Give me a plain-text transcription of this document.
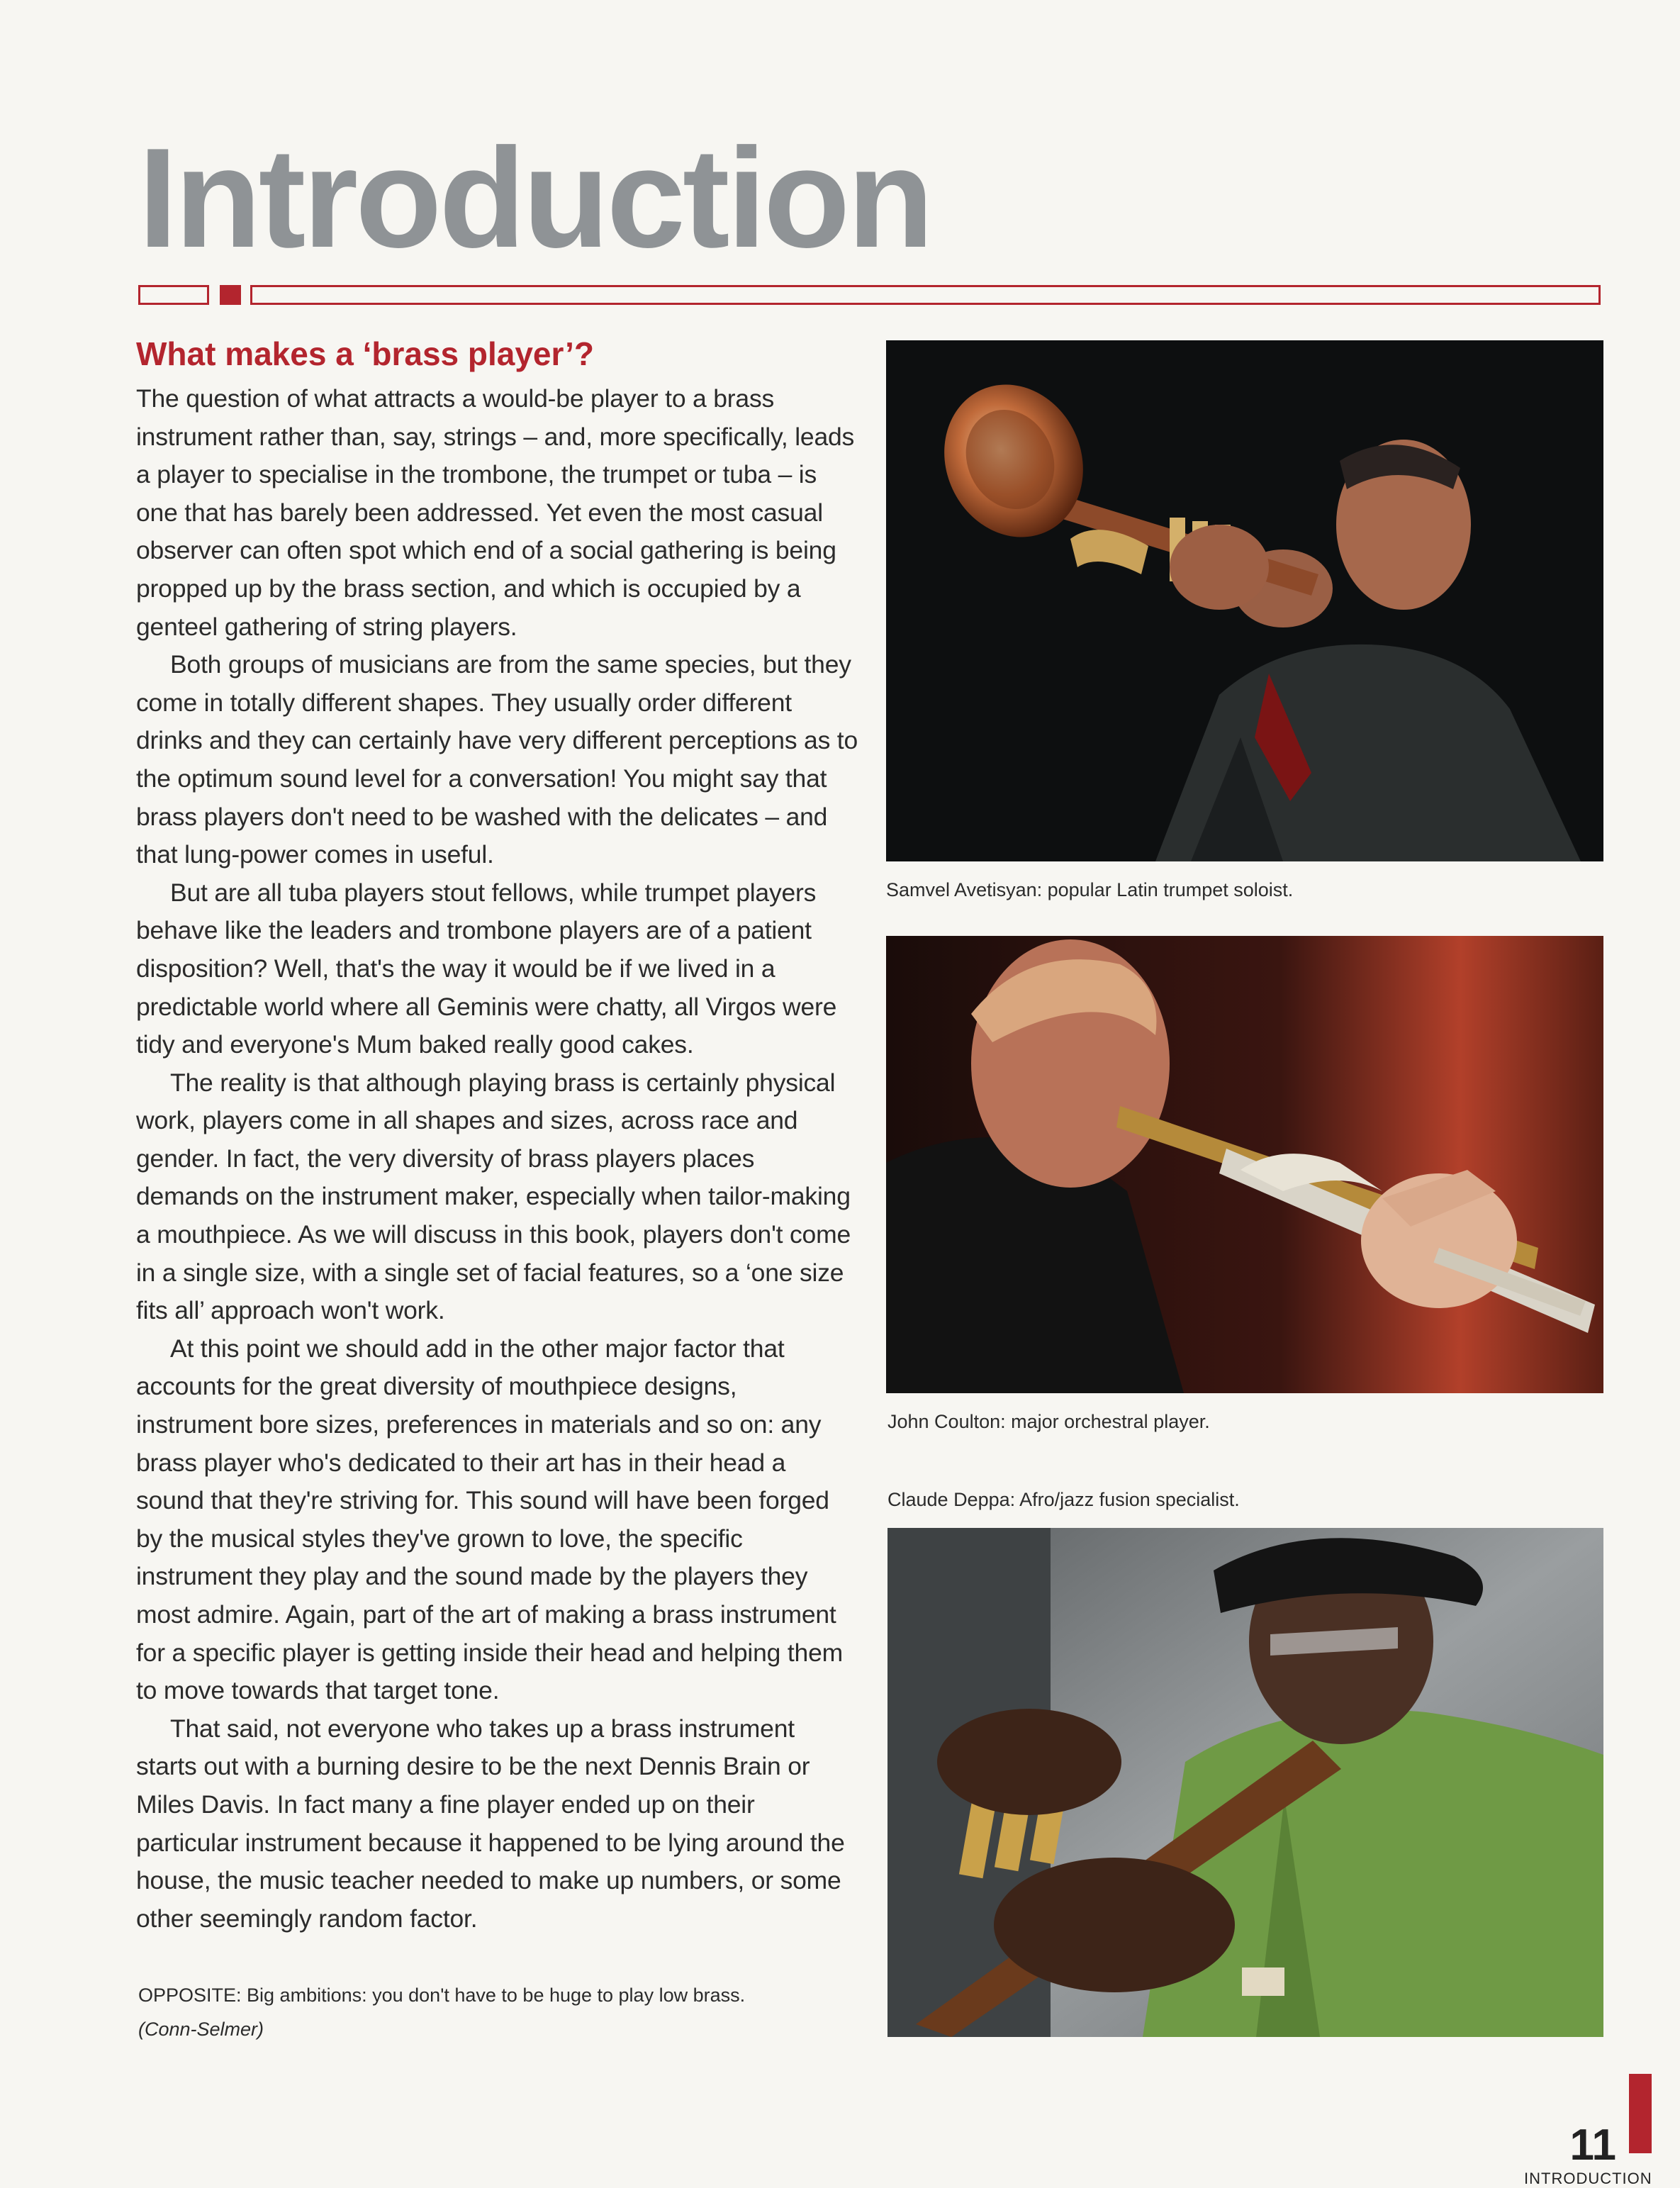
Introduction
What makes a ‘brass player’?

The question of what attracts a would-be player to a brass instrument rather than, say, strings – and, more specifically, leads a player to specialise in the trombone, the trumpet or tuba – is one that has barely been addressed. Yet even the most casual observer can often spot which end of a social gathering is being propped up by the brass section, and which is occupied by a genteel gathering of string players.

Both groups of musicians are from the same species, but they come in totally different shapes. They usually order different drinks and they can certainly have very different perceptions as to the optimum sound level for a conversation! You might say that brass players don't need to be washed with the delicates – and that lung-power comes in useful.

But are all tuba players stout fellows, while trumpet players behave like the leaders and trombone players are of a patient disposition? Well, that's the way it would be if we lived in a predictable world where all Geminis were chatty, all Virgos were tidy and everyone's Mum baked really good cakes.

The reality is that although playing brass is certainly physical work, players come in all shapes and sizes, across race and gender. In fact, the very diversity of brass players places demands on the instrument maker, especially when tailor-making a mouthpiece. As we will discuss in this book, players don't come in a single size, with a single set of facial features, so a ‘one size fits all’ approach won't work.

At this point we should add in the other major factor that accounts for the great diversity of mouthpiece designs, instrument bore sizes, preferences in materials and so on: any brass player who's dedicated to their art has in their head a sound that they're striving for. This sound will have been forged by the musical styles they've grown to love, the specific instrument they play and the sound made by the players they most admire. Again, part of the art of making a brass instrument for a specific player is getting inside their head and helping them to move towards that target tone.

That said, not everyone who takes up a brass instrument starts out with a burning desire to be the next Dennis Brain or Miles Davis. In fact many a fine player ended up on their particular instrument because it happened to be lying around the house, the music teacher needed to make up numbers, or some other seemingly random factor.

OPPOSITE: Big ambitions: you don't have to be huge to play low brass.
(Conn-Selmer)
Samvel Avetisyan: popular Latin trumpet soloist.
John Coulton: major orchestral player.
Claude Deppa: Afro/jazz fusion specialist.
11
INTRODUCTION
